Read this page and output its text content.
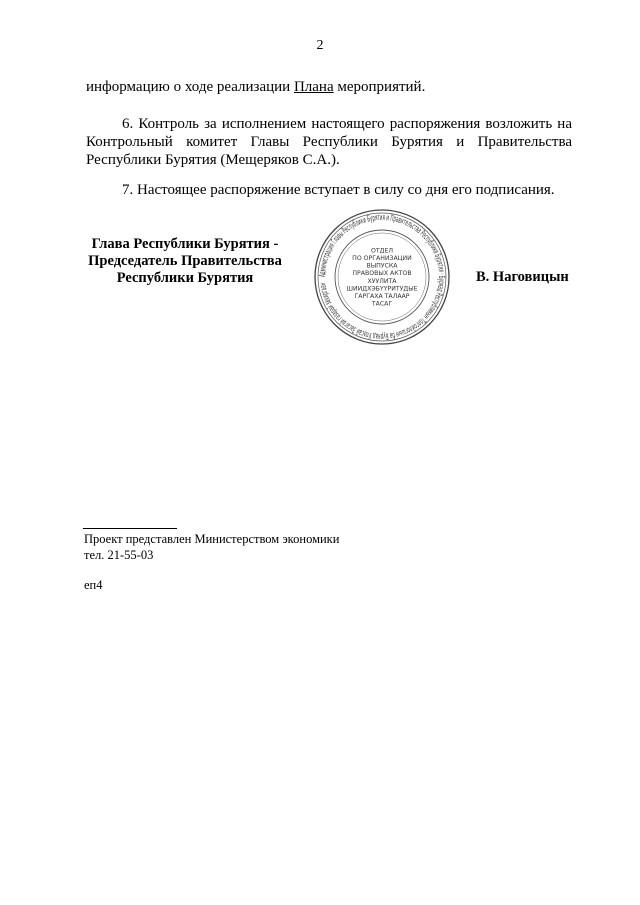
2

информацию о ходе реализации Плана мероприятий.

6. Контроль за исполнением настоящего распоряжения возложить на Контрольный комитет Главы Республики Бурятия и Правительства Республики Бурятия (Мещеряков С.А.).

7. Настоящее распоряжение вступает в силу со дня его подписания.

Глава Республики Бурятия -
Председатель Правительства
Республики Бурятия	Администрация Главы Республики Бурятия и Правительства Республики Бурятия · Буряад Республикын Толгойлогшын ба Буряад Уласай Засагай газарай захиргаан
ОТДЕЛ
ПО ОРГАНИЗАЦИИ
ВЫПУСКА
ПРАВОВЫХ АКТОВ
ХУУЛИТА
ШИИДХЭБҮҮРИТУДЫЕ
ГАРГАХА ТАЛААР
ТАСАГ
В. Наговицын
Проект представлен Министерством экономики
тел. 21-55-03
еп4
